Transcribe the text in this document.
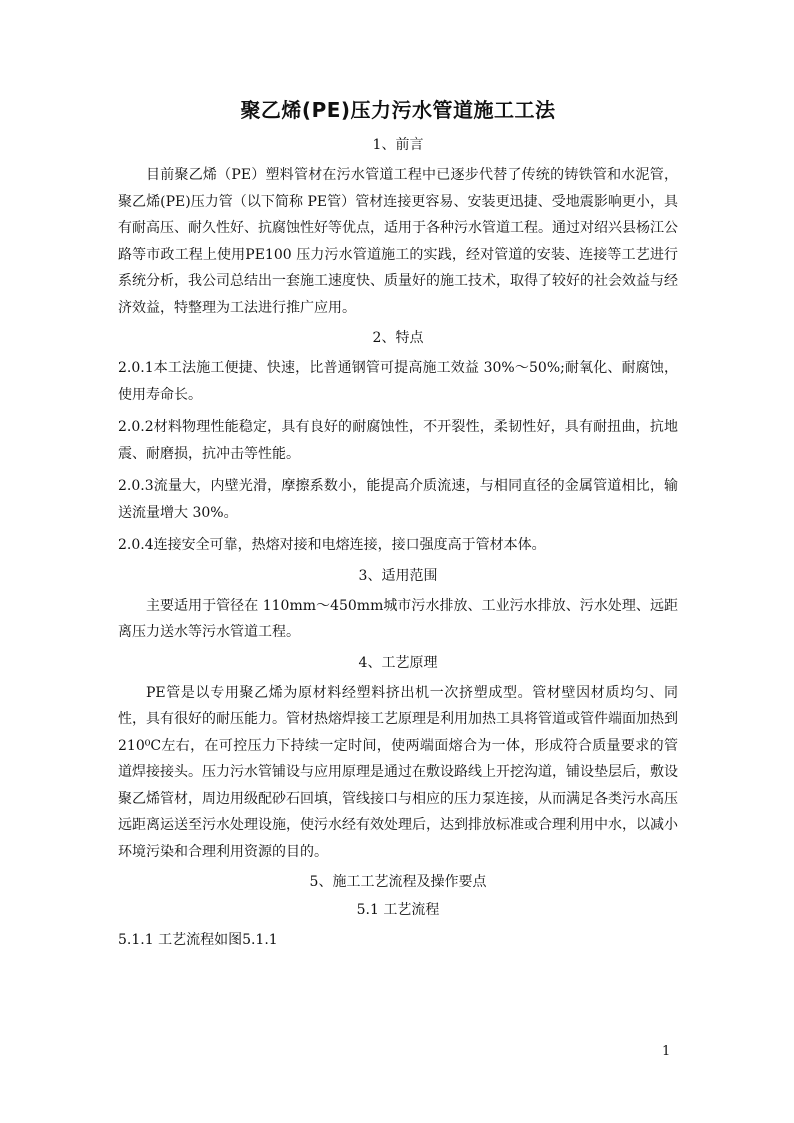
聚乙烯(PE)压力污水管道施工工法
1、前言

目前聚乙烯（PE）塑料管材在污水管道工程中已逐步代替了传统的铸铁管和水泥管，聚乙烯(PE)压力管（以下简称 PE管）管材连接更容易、安装更迅捷、受地震影响更小，具有耐高压、耐久性好、抗腐蚀性好等优点，适用于各种污水管道工程。通过对绍兴县杨江公路等市政工程上使用PE100 压力污水管道施工的实践，经对管道的安装、连接等工艺进行系统分析，我公司总结出一套施工速度快、质量好的施工技术，取得了较好的社会效益与经济效益，特整理为工法进行推广应用。

2、特点

2.0.1本工法施工便捷、快速，比普通钢管可提高施工效益 30%～50%;耐氧化、耐腐蚀，使用寿命长。

2.0.2材料物理性能稳定，具有良好的耐腐蚀性，不开裂性，柔韧性好，具有耐扭曲，抗地震、耐磨损，抗冲击等性能。

2.0.3流量大，内壁光滑，摩擦系数小，能提高介质流速，与相同直径的金属管道相比，输送流量增大 30%。

2.0.4连接安全可靠，热熔对接和电熔连接，接口强度高于管材本体。

3、适用范围

主要适用于管径在 110mm～450mm城市污水排放、工业污水排放、污水处理、远距离压力送水等污水管道工程。

4、工艺原理

PE管是以专用聚乙烯为原材料经塑料挤出机一次挤塑成型。管材壁因材质均匀、同性，具有很好的耐压能力。管材热熔焊接工艺原理是利用加热工具将管道或管件端面加热到 210⁰C左右，在可控压力下持续一定时间，使两端面熔合为一体，形成符合质量要求的管道焊接接头。压力污水管铺设与应用原理是通过在敷设路线上开挖沟道，铺设垫层后，敷设聚乙烯管材，周边用级配砂石回填，管线接口与相应的压力泵连接，从而满足各类污水高压远距离运送至污水处理设施，使污水经有效处理后，达到排放标准或合理利用中水，以减小环境污染和合理利用资源的目的。

5、施工工艺流程及操作要点
5.1 工艺流程

5.1.1 工艺流程如图5.1.1

1
